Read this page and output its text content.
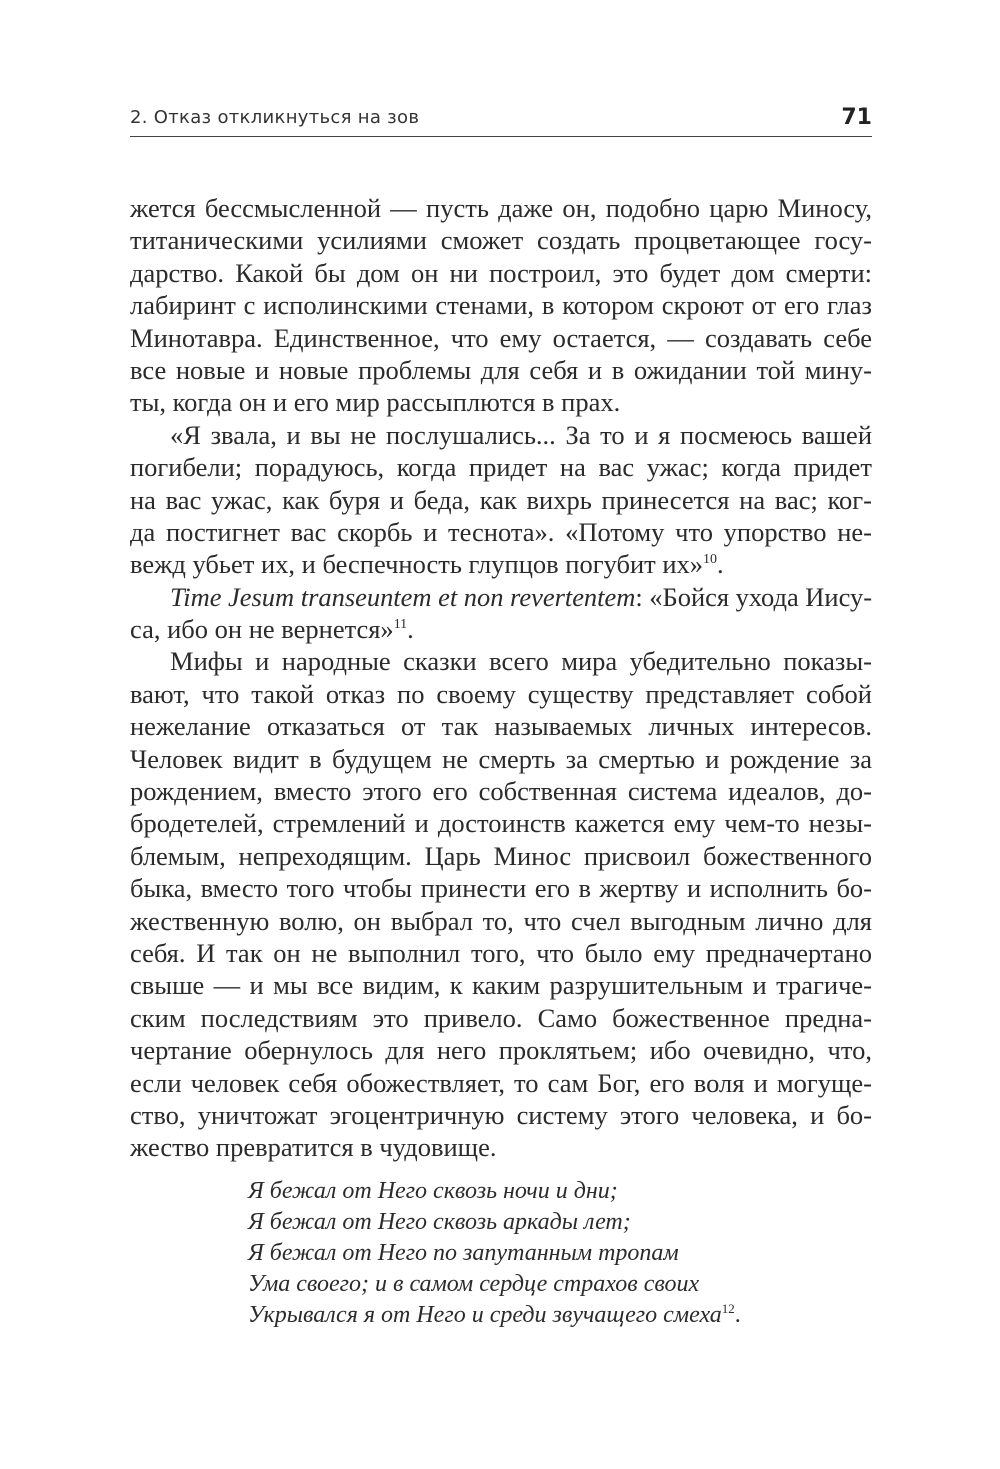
2. Отказ откликнуться на зов	71
жется бессмысленной — пусть даже он, подобно царю Миносу,
титаническими усилиями сможет создать процветающее госу-
дарство. Какой бы дом он ни построил, это будет дом смерти:
лабиринт с исполинскими стенами, в котором скроют от его глаз
Минотавра. Единственное, что ему остается, — создавать себе
все новые и новые проблемы для себя и в ожидании той мину-
ты, когда он и его мир рассыплются в прах.
«Я звала, и вы не послушались... За то и я посмеюсь вашей
погибели; порадуюсь, когда придет на вас ужас; когда придет
на вас ужас, как буря и беда, как вихрь принесется на вас; ког-
да постигнет вас скорбь и теснота». «Потому что упорство не-
вежд убьет их, и беспечность глупцов погубит их»$^{10}$.
Time Jesum transeuntem et non revertentem: «Бойся ухода Иису-
са, ибо он не вернется»$^{11}$.
Мифы и народные сказки всего мира убедительно показы-
вают, что такой отказ по своему существу представляет собой
нежелание отказаться от так называемых личных интересов.
Человек видит в будущем не смерть за смертью и рождение за
рождением, вместо этого его собственная система идеалов, до-
бродетелей, стремлений и достоинств кажется ему чем-то незы-
блемым, непреходящим. Царь Минос присвоил божественного
быка, вместо того чтобы принести его в жертву и исполнить бо-
жественную волю, он выбрал то, что счел выгодным лично для
себя. И так он не выполнил того, что было ему предначертано
свыше — и мы все видим, к каким разрушительным и трагиче-
ским последствиям это привело. Само божественное предна-
чертание обернулось для него проклятьем; ибо очевидно, что,
если человек себя обожествляет, то сам Бог, его воля и могуще-
ство, уничтожат эгоцентричную систему этого человека, и бо-
жество превратится в чудовище.
Я бежал от Него сквозь ночи и дни;
Я бежал от Него сквозь аркады лет;
Я бежал от Него по запутанным тропам
Ума своего; и в самом сердце страхов своих
Укрывался я от Него и среди звучащего смеха$^{12}$.
